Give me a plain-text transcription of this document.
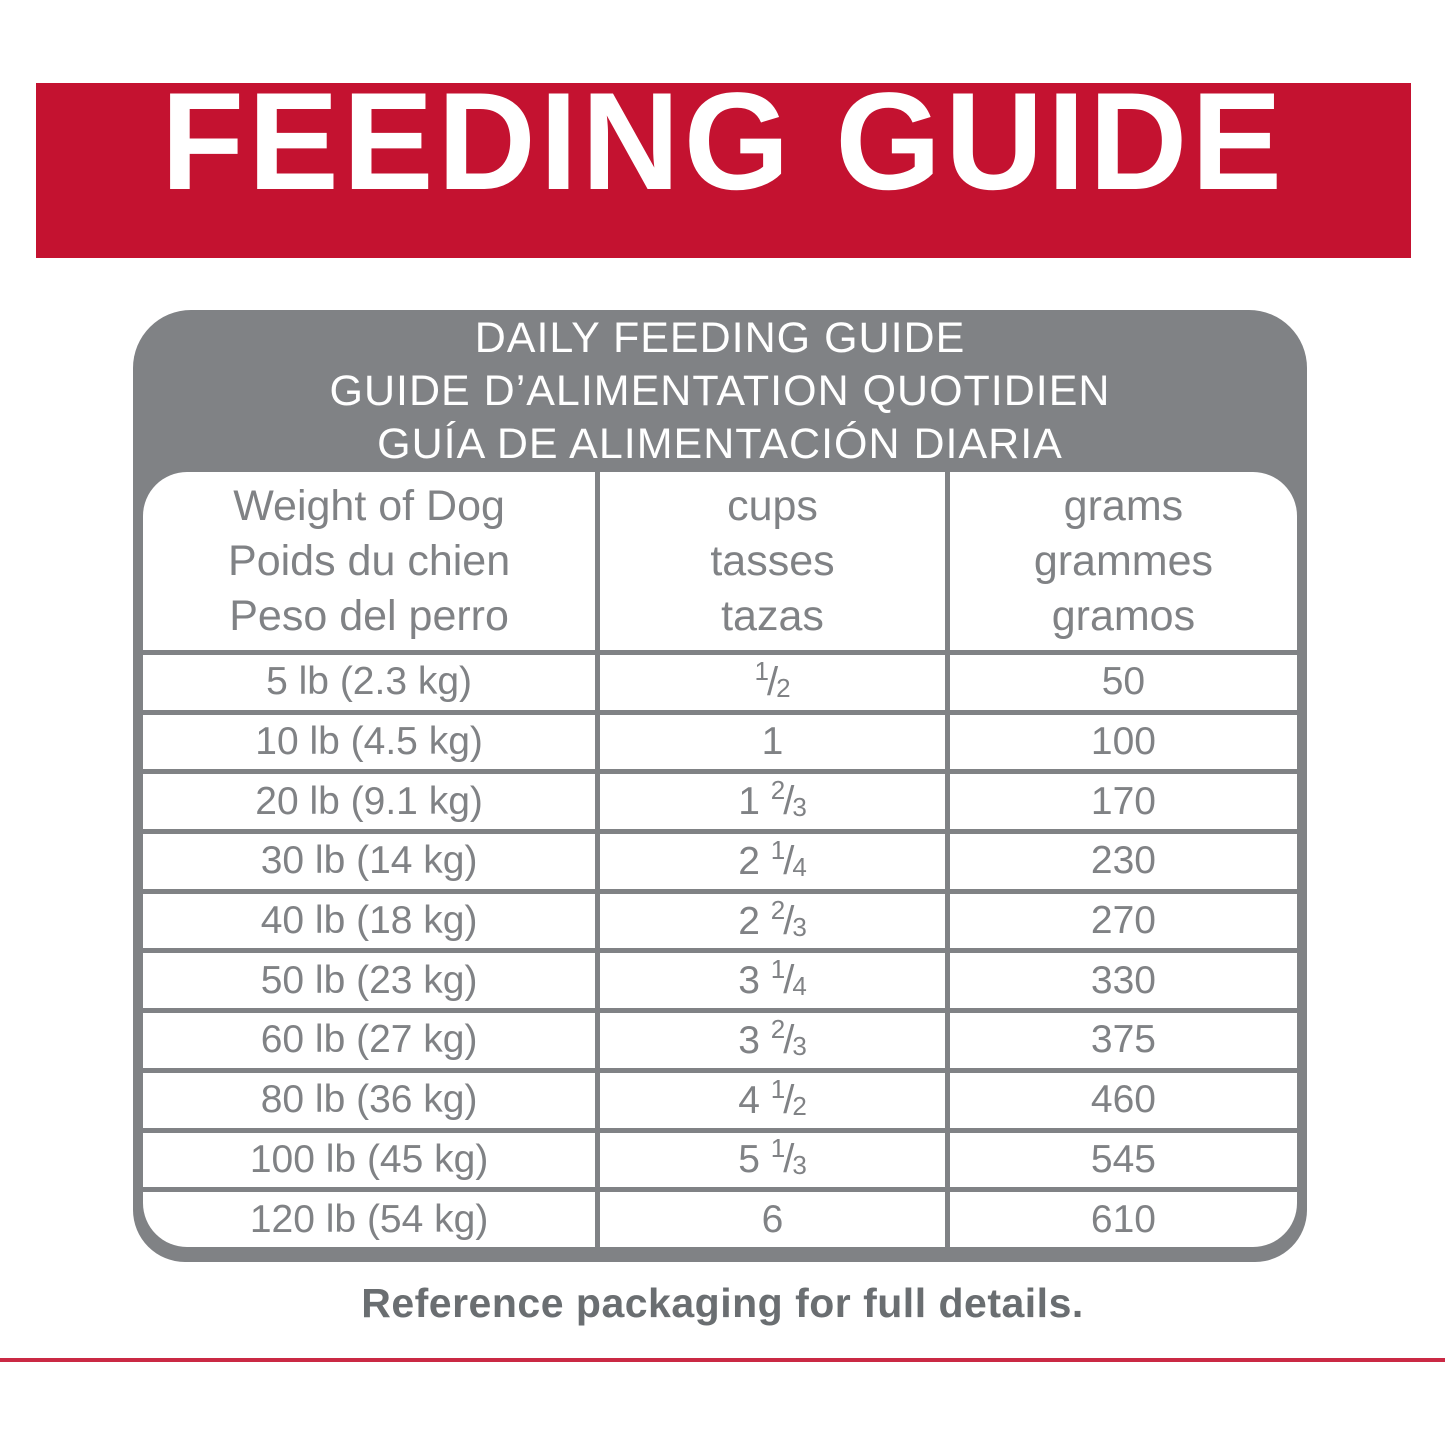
FEEDING GUIDE
DAILY FEEDING GUIDE
GUIDE D’ALIMENTATION QUOTIDIEN
GUÍA DE ALIMENTACIÓN DIARIA
Weight of Dog
Poids du chien
Peso del perro

cups
tasses
tazas

grams
grammes
gramos

5 lb (2.3 kg)	$^1/_2$	50
10 lb (4.5 kg)	1	100
20 lb (9.1 kg)	1 $^2/_3$	170
30 lb (14 kg)	2 $^1/_4$	230
40 lb (18 kg)	2 $^2/_3$	270
50 lb (23 kg)	3 $^1/_4$	330
60 lb (27 kg)	3 $^2/_3$	375
80 lb (36 kg)	4 $^1/_2$	460
100 lb (45 kg)	5 $^1/_3$	545
120 lb (54 kg)	6	610
Reference packaging for full details.
